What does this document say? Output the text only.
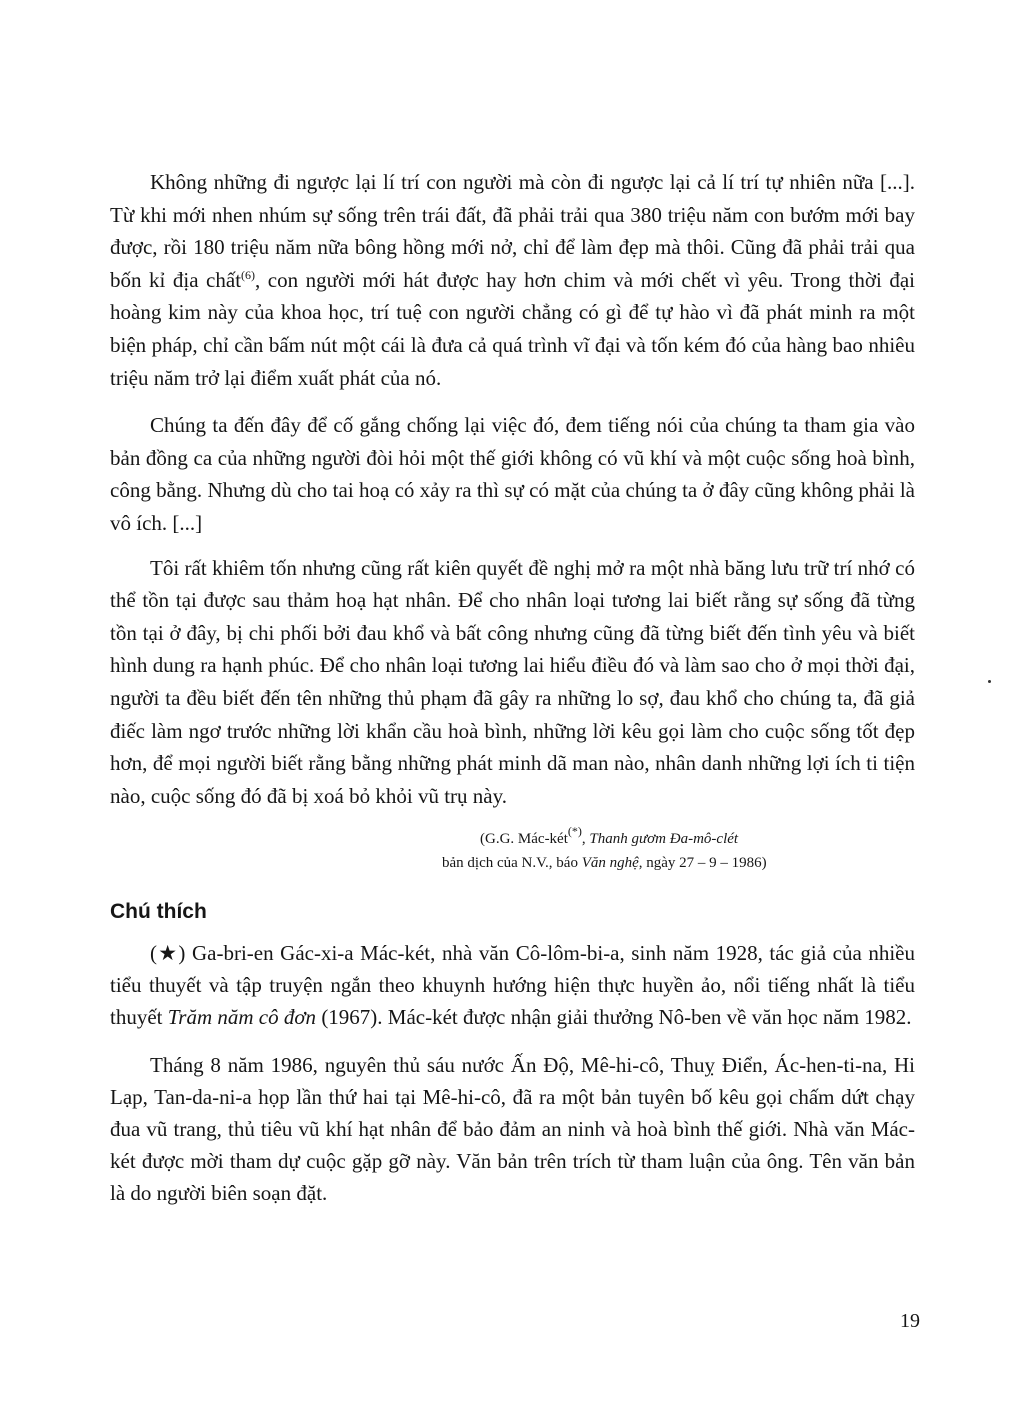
Không những đi ngược lại lí trí con người mà còn đi ngược lại cả lí trí tự nhiên nữa [...]. Từ khi mới nhen nhúm sự sống trên trái đất, đã phải trải qua 380 triệu năm con bướm mới bay được, rồi 180 triệu năm nữa bông hồng mới nở, chỉ để làm đẹp mà thôi. Cũng đã phải trải qua bốn kỉ địa chất$^{(6)}$, con người mới hát được hay hơn chim và mới chết vì yêu. Trong thời đại hoàng kim này của khoa học, trí tuệ con người chẳng có gì để tự hào vì đã phát minh ra một biện pháp, chỉ cần bấm nút một cái là đưa cả quá trình vĩ đại và tốn kém đó của hàng bao nhiêu triệu năm trở lại điểm xuất phát của nó.

Chúng ta đến đây để cố gắng chống lại việc đó, đem tiếng nói của chúng ta tham gia vào bản đồng ca của những người đòi hỏi một thế giới không có vũ khí và một cuộc sống hoà bình, công bằng. Nhưng dù cho tai hoạ có xảy ra thì sự có mặt của chúng ta ở đây cũng không phải là vô ích. [...]

Tôi rất khiêm tốn nhưng cũng rất kiên quyết đề nghị mở ra một nhà băng lưu trữ trí nhớ có thể tồn tại được sau thảm hoạ hạt nhân. Để cho nhân loại tương lai biết rằng sự sống đã từng tồn tại ở đây, bị chi phối bởi đau khổ và bất công nhưng cũng đã từng biết đến tình yêu và biết hình dung ra hạnh phúc. Để cho nhân loại tương lai hiểu điều đó và làm sao cho ở mọi thời đại, người ta đều biết đến tên những thủ phạm đã gây ra những lo sợ, đau khổ cho chúng ta, đã giả điếc làm ngơ trước những lời khẩn cầu hoà bình, những lời kêu gọi làm cho cuộc sống tốt đẹp hơn, để mọi người biết rằng bằng những phát minh dã man nào, nhân danh những lợi ích ti tiện nào, cuộc sống đó đã bị xoá bỏ khỏi vũ trụ này.

(G.G. Mác-két(*), Thanh gươm Đa-mô-clét
bản dịch của N.V., báo Văn nghệ, ngày 27 – 9 – 1986)
Chú thích

(★) Ga-bri-en Gác-xi-a Mác-két, nhà văn Cô-lôm-bi-a, sinh năm 1928, tác giả của nhiều tiểu thuyết và tập truyện ngắn theo khuynh hướng hiện thực huyền ảo, nổi tiếng nhất là tiểu thuyết Trăm năm cô đơn (1967). Mác-két được nhận giải thưởng Nô-ben về văn học năm 1982.

Tháng 8 năm 1986, nguyên thủ sáu nước Ấn Độ, Mê-hi-cô, Thuỵ Điển, Ác-hen-ti-na, Hi Lạp, Tan-da-ni-a họp lần thứ hai tại Mê-hi-cô, đã ra một bản tuyên bố kêu gọi chấm dứt chạy đua vũ trang, thủ tiêu vũ khí hạt nhân để bảo đảm an ninh và hoà bình thế giới. Nhà văn Mác-két được mời tham dự cuộc gặp gỡ này. Văn bản trên trích từ tham luận của ông. Tên văn bản là do người biên soạn đặt.

19
